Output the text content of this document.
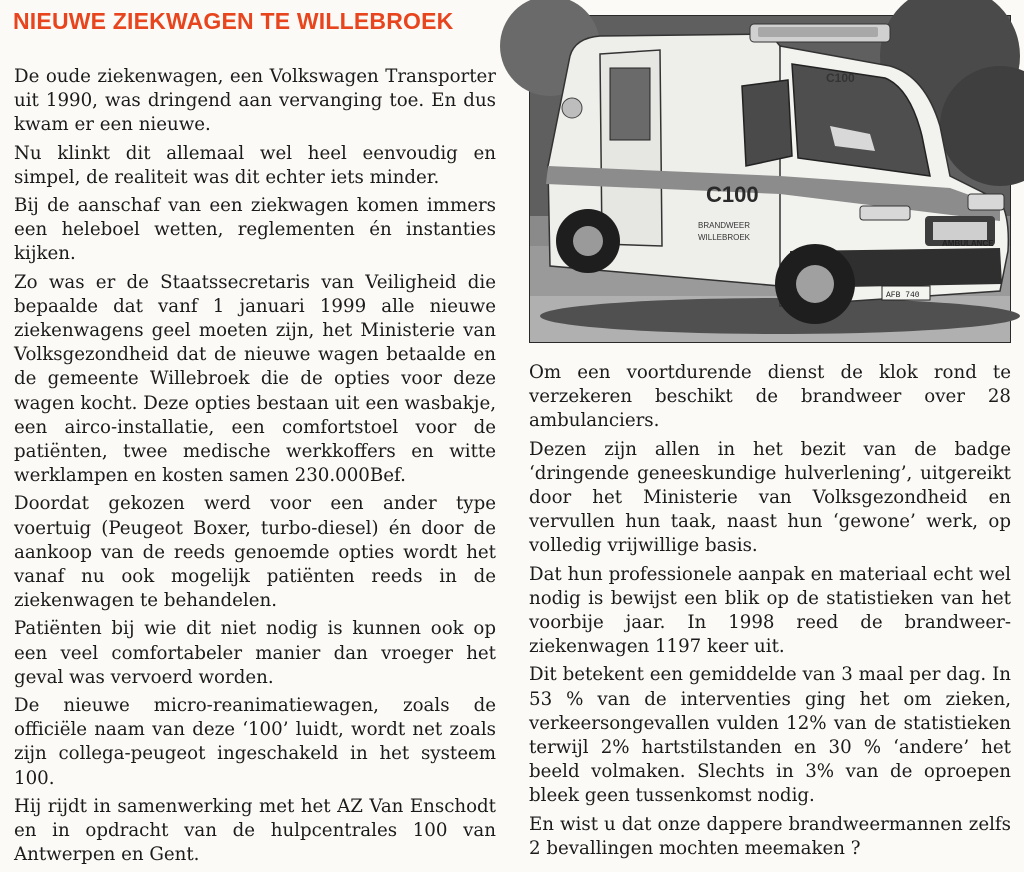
NIEUWE ZIEKWAGEN TE WILLEBROEK

De oude ziekenwagen, een Volkswagen Transporter uit 1990, was dringend aan vervanging toe. En dus kwam er een nieuwe.

Nu klinkt dit allemaal wel heel eenvoudig en simpel, de realiteit was dit echter iets minder.

Bij de aanschaf van een ziekwagen komen immers een heleboel wetten, reglementen én instanties kijken.

Zo was er de Staatssecretaris van Veiligheid die bepaalde dat vanf 1 januari 1999 alle nieuwe ziekenwagens geel moeten zijn, het Ministerie van Volksgezondheid dat de nieuwe wagen betaalde en de gemeente Willebroek die de opties voor deze wagen kocht. Deze opties bestaan uit een wasbakje, een airco-installatie, een comfortstoel voor de patiënten, twee medische werkkoffers en witte werklampen en kosten samen 230.000Bef.

Doordat gekozen werd voor een ander type voertuig (Peugeot Boxer, turbo-diesel) én door de aankoop van de reeds genoemde opties wordt het vanaf nu ook mogelijk patiënten reeds in de ziekenwagen te behandelen.

Patiënten bij wie dit niet nodig is kunnen ook op een veel comfortabeler manier dan vroeger het geval was vervoerd worden.

De nieuwe micro-reanimatiewagen, zoals de officiële naam van deze ‘100’ luidt, wordt net zoals zijn collega-peugeot ingeschakeld in het systeem 100.

Hij rijdt in samenwerking met het AZ Van Enschodt en in opdracht van de hulpcentrales 100 van Antwerpen en Gent.

C100
C100
BRANDWEER
WILLEBROEK
AMBULANCE
AFB 740

Om een voortdurende dienst de klok rond te verzekeren beschikt de brandweer over 28 ambulanciers.

Dezen zijn allen in het bezit van de badge ‘dringende geneeskundige hulverlening’, uitgereikt door het Ministerie van Volksgezondheid en vervullen hun taak, naast hun ‘gewone’ werk, op volledig vrijwillige basis.

Dat hun professionele aanpak en materiaal echt wel nodig is bewijst een blik op de statistieken van het voorbije jaar. In 1998 reed de brandweer-ziekenwagen 1197 keer uit.

Dit betekent een gemiddelde van 3 maal per dag. In 53 % van de interventies ging het om zieken, verkeersongevallen vulden 12% van de statistieken terwijl 2% hartstilstanden en 30 % ‘andere’ het beeld volmaken. Slechts in 3% van de oproepen bleek geen tussenkomst nodig.

En wist u dat onze dappere brandweermannen zelfs 2 bevallingen mochten meemaken ?
